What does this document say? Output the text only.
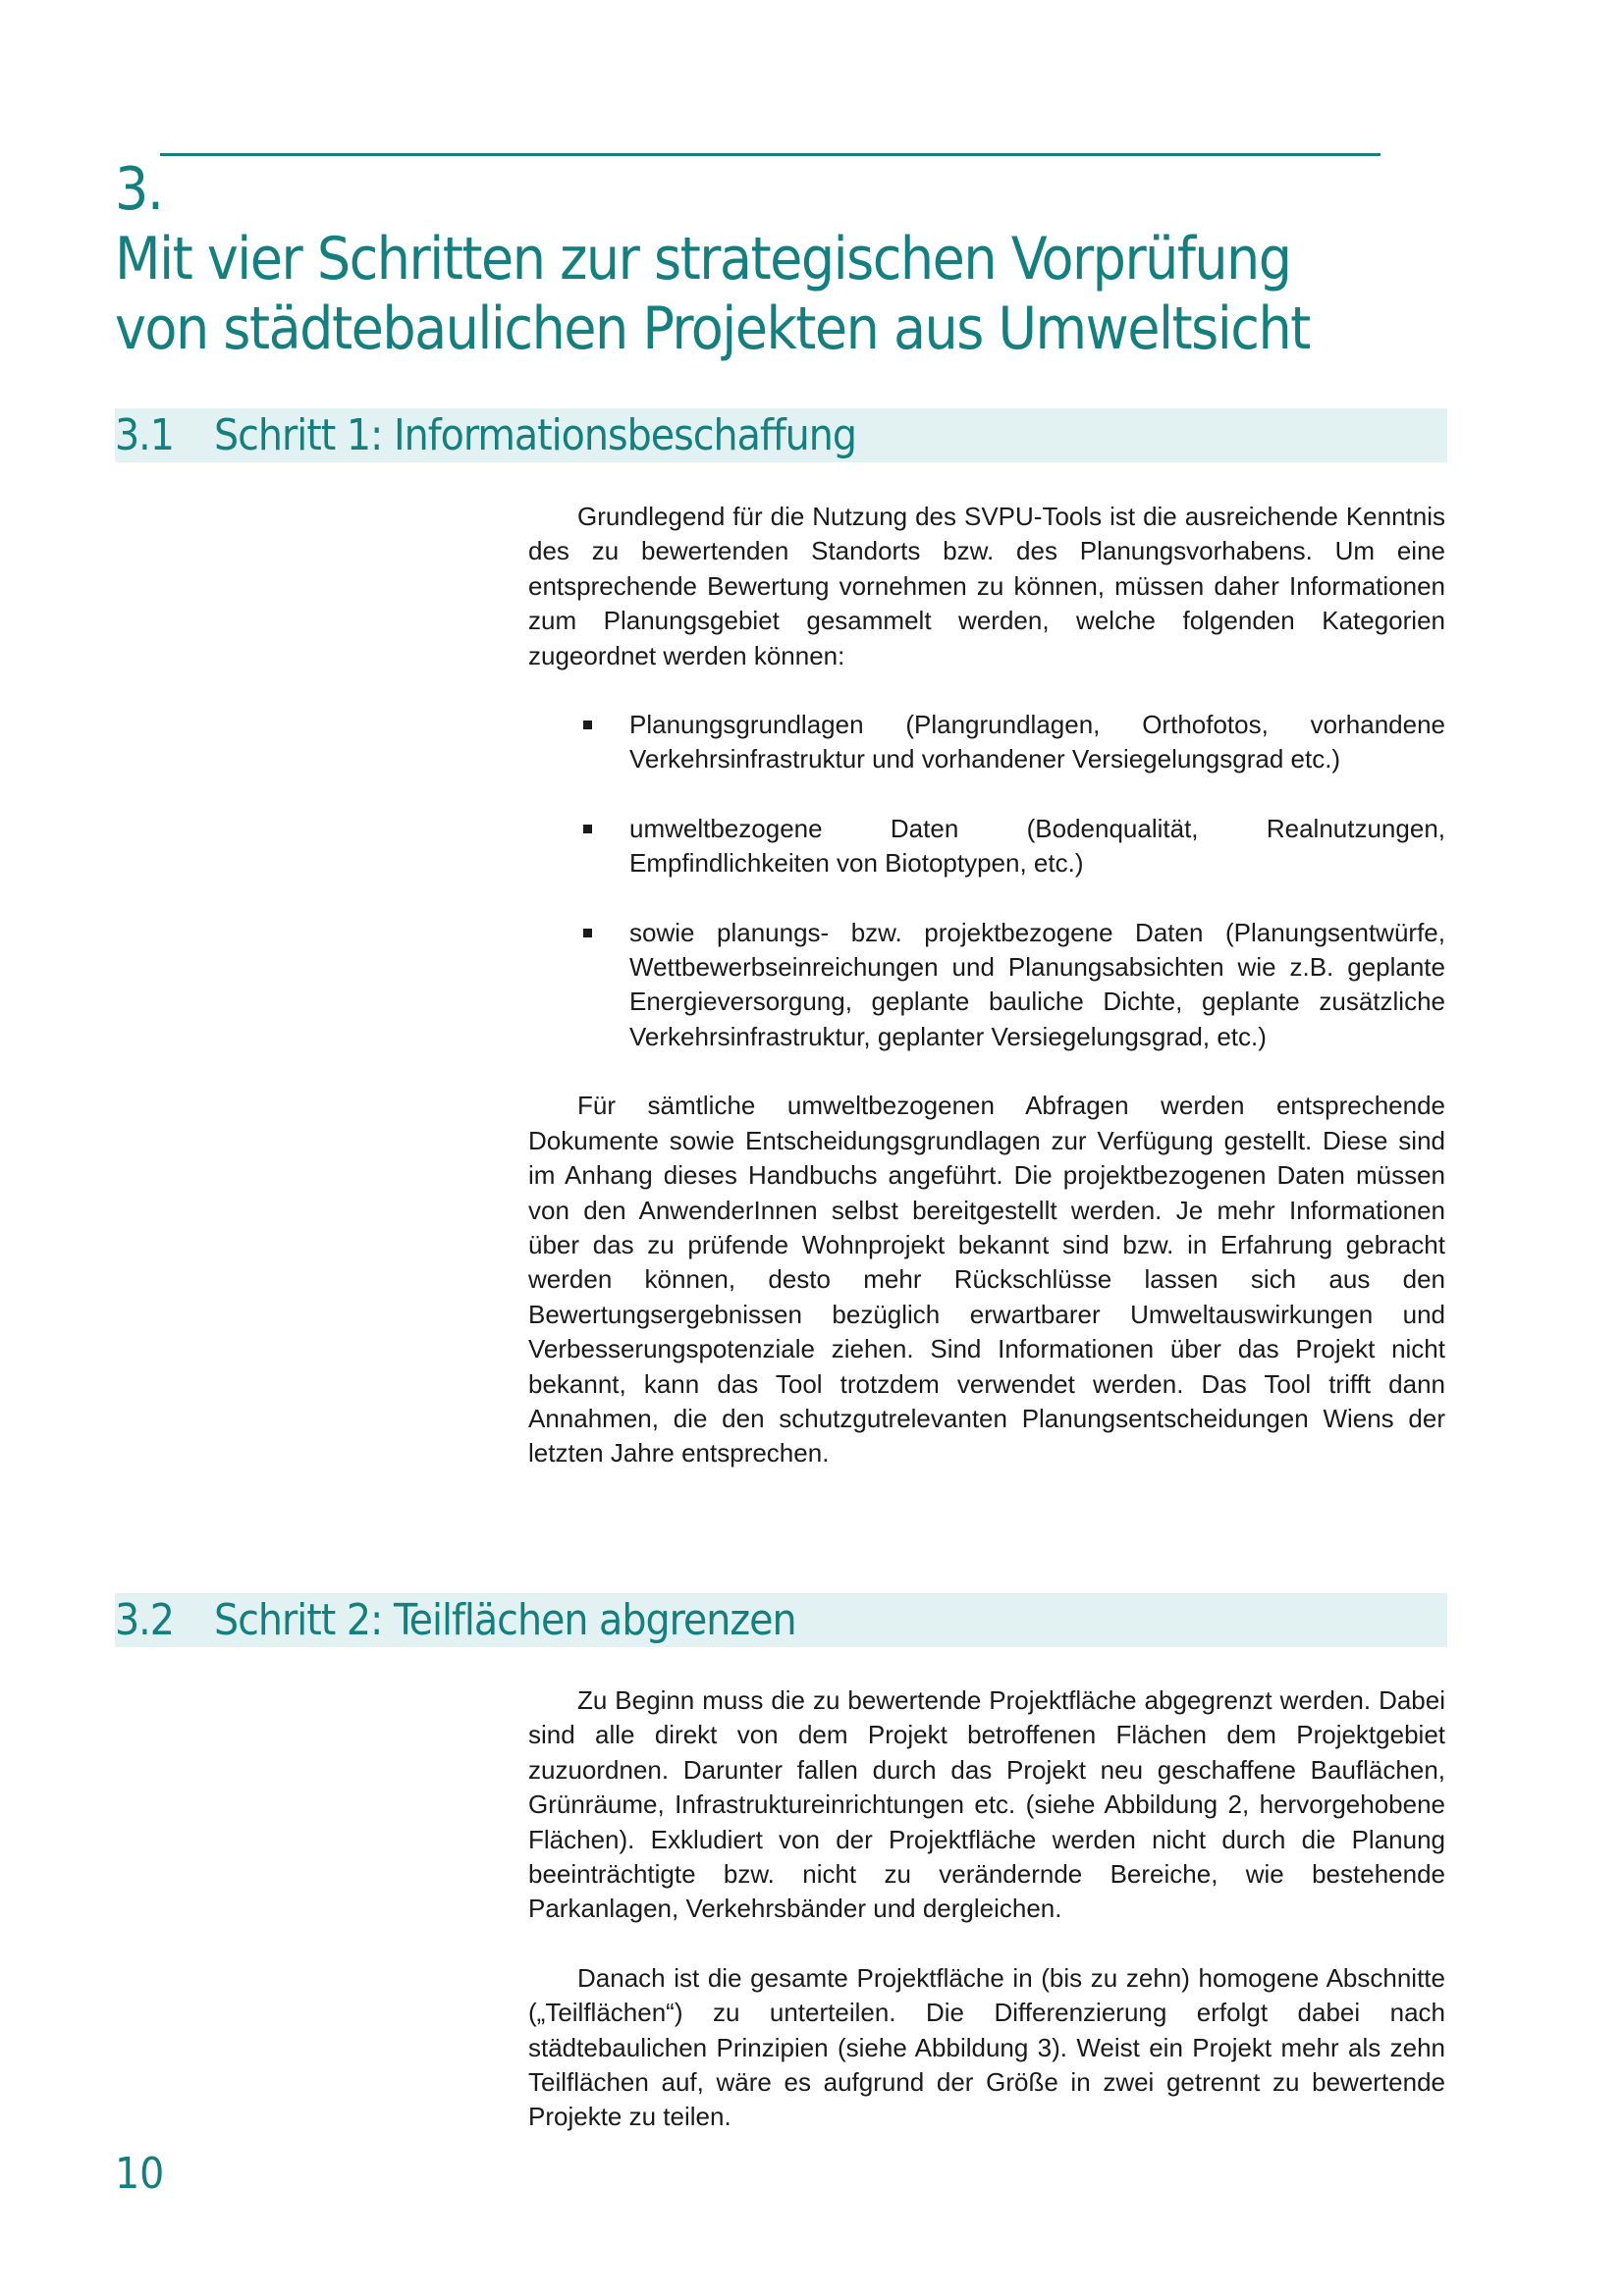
3.
Mit vier Schritten zur strategischen Vorprüfung
von städtebaulichen Projekten aus Umweltsicht
3.1 Schritt 1: Informationsbeschaffung

Grundlegend für die Nutzung des SVPU-Tools ist die ausreichende Kenntnis des zu bewertenden Standorts bzw. des Planungsvorhabens. Um eine entsprechende Bewertung vornehmen zu können, müssen daher Informationen zum Planungsgebiet gesammelt werden, welche folgenden Kategorien zugeordnet werden können:

Planungsgrundlagen (Plangrundlagen, Orthofotos, vorhandene Verkehrsinfrastruktur und vorhandener Versiegelungsgrad etc.)
umweltbezogene Daten (Bodenqualität, Realnutzungen, Empfindlichkeiten von Biotoptypen, etc.)
sowie planungs- bzw. projektbezogene Daten (Planungsentwürfe, Wettbewerbseinreichungen und Planungsabsichten wie z.B. geplante Energieversorgung, geplante bauliche Dichte, geplante zusätzliche Verkehrsinfrastruktur, geplanter Versiegelungsgrad, etc.)

Für sämtliche umweltbezogenen Abfragen werden entsprechende Dokumente sowie Entscheidungsgrundlagen zur Verfügung gestellt. Diese sind im Anhang dieses Handbuchs angeführt. Die projektbezogenen Daten müssen von den AnwenderInnen selbst bereitgestellt werden. Je mehr Informationen über das zu prüfende Wohnprojekt bekannt sind bzw. in Erfahrung gebracht werden können, desto mehr Rückschlüsse lassen sich aus den Bewertungsergebnissen bezüglich erwartbarer Umweltauswirkungen und Verbesserungspotenziale ziehen. Sind Informationen über das Projekt nicht bekannt, kann das Tool trotzdem verwendet werden. Das Tool trifft dann Annahmen, die den schutzgutrelevanten Planungsentscheidungen Wiens der letzten Jahre entsprechen.

3.2 Schritt 2: Teilflächen abgrenzen

Zu Beginn muss die zu bewertende Projektfläche abgegrenzt werden. Dabei sind alle direkt von dem Projekt betroffenen Flächen dem Projektgebiet zuzuordnen. Darunter fallen durch das Projekt neu geschaffene Bauflächen, Grünräume, Infrastruktureinrichtungen etc. (siehe Abbildung 2, hervorgehobene Flächen). Exkludiert von der Projektfläche werden nicht durch die Planung beeinträchtigte bzw. nicht zu verändernde Bereiche, wie bestehende Parkanlagen, Verkehrsbänder und dergleichen.

Danach ist die gesamte Projektfläche in (bis zu zehn) homogene Abschnitte („Teilflächen“) zu unterteilen. Die Differenzierung erfolgt dabei nach städtebaulichen Prinzipien (siehe Abbildung 3). Weist ein Projekt mehr als zehn Teilflächen auf, wäre es aufgrund der Größe in zwei getrennt zu bewertende Projekte zu teilen.

10
